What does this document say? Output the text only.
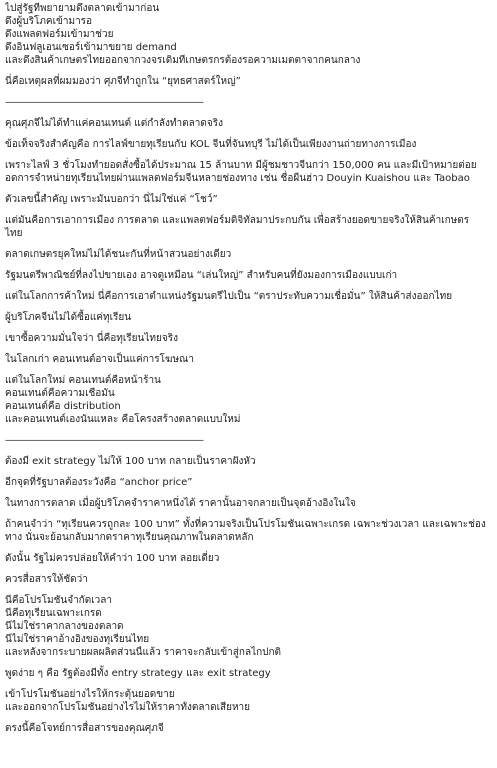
ไปสู่รัฐที่พยายามดึงตลาดเข้ามาก่อน
ดึงผู้บริโภคเข้ามารอ
ดึงแพลตฟอร์มเข้ามาช่วย
ดึงอินฟลูเอนเซอร์เข้ามาขยาย demand
และดึงสินค้าเกษตรไทยออกจากวงจรเดิมที่เกษตรกรต้องรอความเมตตาจากคนกลาง
นี่คือเหตุผลที่ผมมองว่า ศุภจีทำถูกใน “ยุทธศาสตร์ใหญ่”
——————————————————————
คุณศุภจีไม่ได้ทำแค่คอนเทนต์ แต่กำลังทำตลาดจริง
ข้อเท็จจริงสำคัญคือ การไลฟ์ขายทุเรียนกับ KOL จีนที่จันทบุรี ไม่ได้เป็นเพียงงานถ่ายทางการเมือง
เพราะไลฟ์ 3 ชั่วโมงทำยอดสั่งซื้อได้ประมาณ 15 ล้านบาท มีผู้ชมชาวจีนกว่า 150,000 คน และมีเป้าหมายต่อยอดการจำหน่ายทุเรียนไทยผ่านแพลตฟอร์มจีนหลายช่องทาง เช่น ชื่อผืนฮ่าว Douyin Kuaishou และ Taobao
ตัวเลขนี้สำคัญ เพราะมันบอกว่า นี่ไม่ใช่แค่ “โชว์”
แต่มันคือการเอาการเมือง การตลาด และแพลตฟอร์มดิจิทัลมาประกบกัน เพื่อสร้างยอดขายจริงให้สินค้าเกษตรไทย
ตลาดเกษตรยุคใหม่ไม่ได้ชนะกันที่หน้าสวนอย่างเดียว
รัฐมนตรีพาณิชย์ที่ลงไปขายเอง อาจดูเหมือน “เล่นใหญ่” สำหรับคนที่ยังมองการเมืองแบบเก่า
แต่ในโลกการค้าใหม่ นี่คือการเอาตำแหน่งรัฐมนตรีไปเป็น “ตราประทับความเชื่อมั่น” ให้สินค้าส่งออกไทย
ผู้บริโภคจีนไม่ได้ซื้อแค่ทุเรียน
เขาซื้อความมั่นใจว่า นี่คือทุเรียนไทยจริง
ในโลกเก่า คอนเทนต์อาจเป็นแค่การโฆษณา
แต่ในโลกใหม่ คอนเทนต์คือหน้าร้าน
คอนเทนต์คือความเชื่อมั่น
คอนเทนต์คือ distribution
และคอนเทนต์เองนั่นแหละ คือโครงสร้างตลาดแบบใหม่
——————————————————————
ต้องมี exit strategy ไม่ให้ 100 บาท กลายเป็นราคาฝังหัว
อีกจุดที่รัฐบาลต้องระวังคือ “anchor price”
ในทางการตลาด เมื่อผู้บริโภคจำราคาหนึ่งได้ ราคานั้นอาจกลายเป็นจุดอ้างอิงในใจ
ถ้าคนจำว่า “ทุเรียนควรถูกละ 100 บาท” ทั้งที่ความจริงเป็นโปรโมชันเฉพาะเกรด เฉพาะช่วงเวลา และเฉพาะช่องทาง นั่นจะย้อนกลับมากดราคาทุเรียนคุณภาพในตลาดหลัก
ดังนั้น รัฐไม่ควรปล่อยให้คำว่า 100 บาท ลอยเดี่ยว
ควรสื่อสารให้ชัดว่า
นี่คือโปรโมชันจำกัดเวลา
นี่คือทุเรียนเฉพาะเกรด
นี่ไม่ใช่ราคากลางของตลาด
นี่ไม่ใช่ราคาอ้างอิงของทุเรียนไทย
และหลังจากระบายผลผลิตส่วนนี้แล้ว ราคาจะกลับเข้าสู่กลไกปกติ
พูดง่าย ๆ คือ รัฐต้องมีทั้ง entry strategy และ exit strategy
เข้าโปรโมชันอย่างไรให้กระตุ้นยอดขาย
และออกจากโปรโมชันอย่างไรไม่ให้ราคาทั้งตลาดเสียหาย
ตรงนี้คือโจทย์การสื่อสารของคุณศุภจี
